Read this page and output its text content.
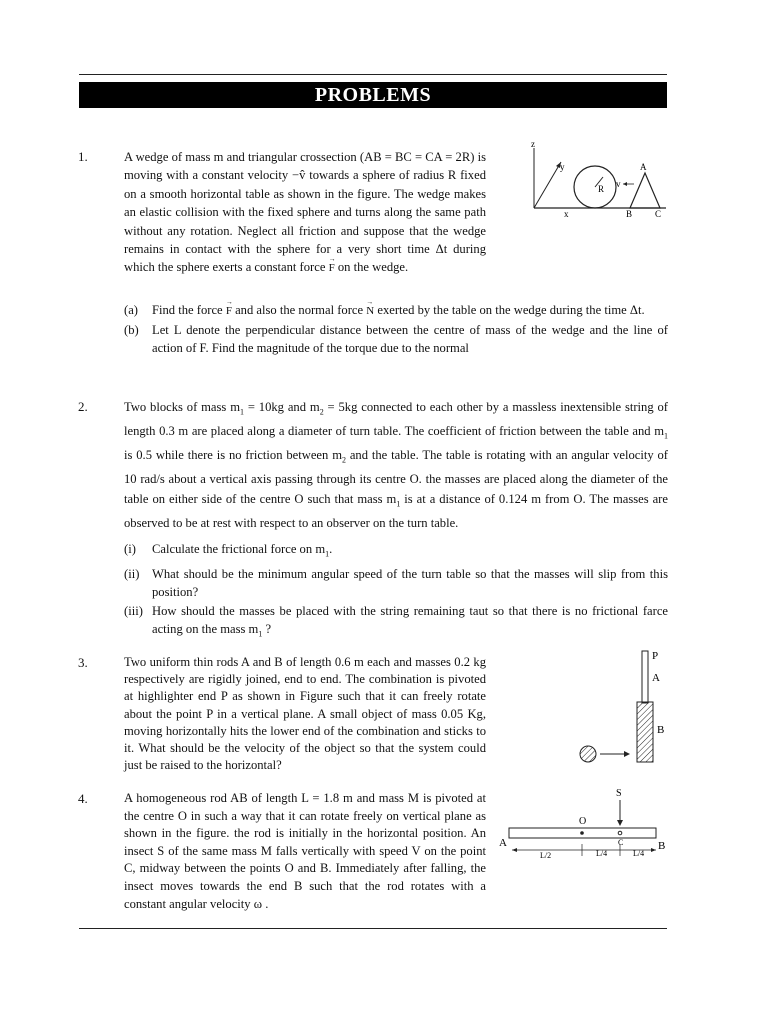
PROBLEMS
1.	A wedge of mass m and triangular crossection (AB = BC = CA = 2R) is moving with a constant velocity −v̂ towards a sphere of radius R fixed on a smooth horizontal table as shown in the figure. The wedge makes an elastic collision with the fixed sphere and turns along the same path without any rotation. Neglect all friction and suppose that the wedge remains in contact with the sphere for a very short time Δt during which the sphere exerts a constant force → F on the wedge.

z
y
x
R v
A
B	C

(a) Find the force → F and also the normal force → N exerted by the table on the wedge during the time Δt.

(b) Let L denote the perpendicular distance between the centre of mass of the wedge and the line of action of F. Find the magnitude of the torque due to the normal

2.	Two blocks of mass $m_1 = 10kg$ and $m_2 = 5kg$ connected to each other by a massless inextensible string of length 0.3 m are placed along a diameter of turn table. The coefficient of friction between the table and $m_1$ is 0.5 while there is no friction between $m_2$ and the table. The table is rotating with an angular velocity of 10 rad/s about a vertical axis passing through its centre O. the masses are placed along the diameter of the table on either side of the centre O such that mass $m_1$ is at a distance of 0.124 m from O. The masses are observed to be at rest with respect to an observer on the turn table.

(i) Calculate the frictional force on $m_1$.

(ii) What should be the minimum angular speed of the turn table so that the masses will slip from this position?

(iii) How should the masses be placed with the string remaining taut so that there is no frictional farce acting on the mass $m_1$ ?

3.	Two uniform thin rods A and B of length 0.6 m each and masses 0.2 kg respectively are rigidly joined, end to end. The combination is pivoted at highlighter end P as shown in Figure such that it can freely rotate about the point P in a vertical plane. A small object of mass 0.05 Kg, moving horizontally hits the lower end of the combination and sticks to it. What should be the velocity of the object so that the system could just be raised to the horizontal?

P
A
B
4.	A homogeneous rod AB of length L = 1.8 m and mass M is pivoted at the centre O in such a way that it can rotate freely on vertical plane as shown in the figure. the rod is initially in the horizontal position. An insect S of the same mass M falls vertically with speed V on the point C, midway between the points O and B. Immediately after falling, the insect moves towards the end B such that the rod rotates with a constant angular velocity ω .

S
O
C
A	B
L/2	L/4	L/4
